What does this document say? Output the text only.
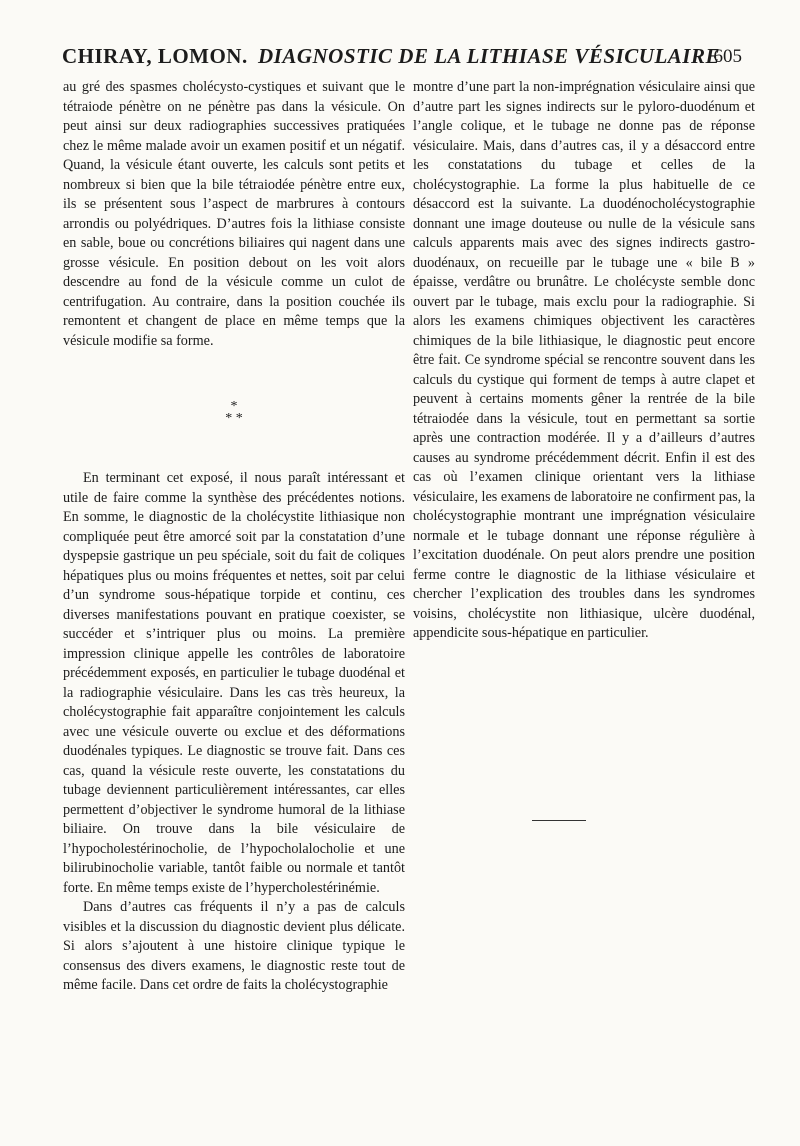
CHIRAY, LOMON. DIAGNOSTIC DE LA LITHIASE VÉSICULAIRE
605

au gré des spasmes cholécysto-cystiques et suivant que le tétraiode pénètre on ne pénètre pas dans la vésicule. On peut ainsi sur deux radiographies successives pratiquées chez le même malade avoir un examen positif et un négatif. Quand, la vésicule étant ouverte, les calculs sont petits et nombreux si bien que la bile tétraiodée pénètre entre eux, ils se présentent sous l’aspect de marbrures à contours arrondis ou polyédriques. D’autres fois la lithiase consiste en sable, boue ou concrétions biliaires qui nagent dans une grosse vésicule. En position debout on les voit alors descendre au fond de la vésicule comme un culot de centrifugation. Au contraire, dans la position couchée ils remontent et changent de place en même temps que la vésicule modifie sa forme.

*
* *

En terminant cet exposé, il nous paraît intéressant et utile de faire comme la synthèse des précédentes notions. En somme, le diagnostic de la cholécystite lithiasique non compliquée peut être amorcé soit par la constatation d’une dyspepsie gastrique un peu spéciale, soit du fait de coliques hépatiques plus ou moins fréquentes et nettes, soit par celui d’un syndrome sous-hépatique torpide et continu, ces diverses manifestations pouvant en pratique coexister, se succéder et s’intriquer plus ou moins. La première impression clinique appelle les contrôles de laboratoire précédemment exposés, en particulier le tubage duodénal et la radiographie vésiculaire. Dans les cas très heureux, la cholécystographie fait apparaître conjointement les calculs avec une vésicule ouverte ou exclue et des déformations duodénales typiques. Le diagnostic se trouve fait. Dans ces cas, quand la vésicule reste ouverte, les constatations du tubage deviennent particulièrement intéressantes, car elles permettent d’objectiver le syndrome humoral de la lithiase biliaire. On trouve dans la bile vésiculaire de l’hypocholestérinocholie, de l’hypocholalocholie et une bilirubinocholie variable, tantôt faible ou normale et tantôt forte. En même temps existe de l’hypercholestérinémie.

Dans d’autres cas fréquents il n’y a pas de calculs visibles et la discussion du diagnostic devient plus délicate. Si alors s’ajoutent à une histoire clinique typique le consensus des divers examens, le diagnostic reste tout de même facile. Dans cet ordre de faits la cholécystographie

montre d’une part la non-imprégnation vésiculaire ainsi que d’autre part les signes indirects sur le pyloro-duodénum et l’angle colique, et le tubage ne donne pas de réponse vésiculaire. Mais, dans d’autres cas, il y a désaccord entre les constatations du tubage et celles de la cholécystographie. La forme la plus habituelle de ce désaccord est la suivante. La duodénocholécystographie donnant une image douteuse ou nulle de la vésicule sans calculs apparents mais avec des signes indirects gastro-duodénaux, on recueille par le tubage une « bile B » épaisse, verdâtre ou brunâtre. Le cholécyste semble donc ouvert par le tubage, mais exclu pour la radiographie. Si alors les examens chimiques objectivent les caractères chimiques de la bile lithiasique, le diagnostic peut encore être fait. Ce syndrome spécial se rencontre souvent dans les calculs du cystique qui forment de temps à autre clapet et peuvent à certains moments gêner la rentrée de la bile tétraiodée dans la vésicule, tout en permettant sa sortie après une contraction modérée. Il y a d’ailleurs d’autres causes au syndrome précédemment décrit. Enfin il est des cas où l’examen clinique orientant vers la lithiase vésiculaire, les examens de laboratoire ne confirment pas, la cholécystographie montrant une imprégnation vésiculaire normale et le tubage donnant une réponse régulière à l’excitation duodénale. On peut alors prendre une position ferme contre le diagnostic de la lithiase vésiculaire et chercher l’explication des troubles dans les syndromes voisins, cholécystite non lithiasique, ulcère duodénal, appendicite sous-hépatique en particulier.
